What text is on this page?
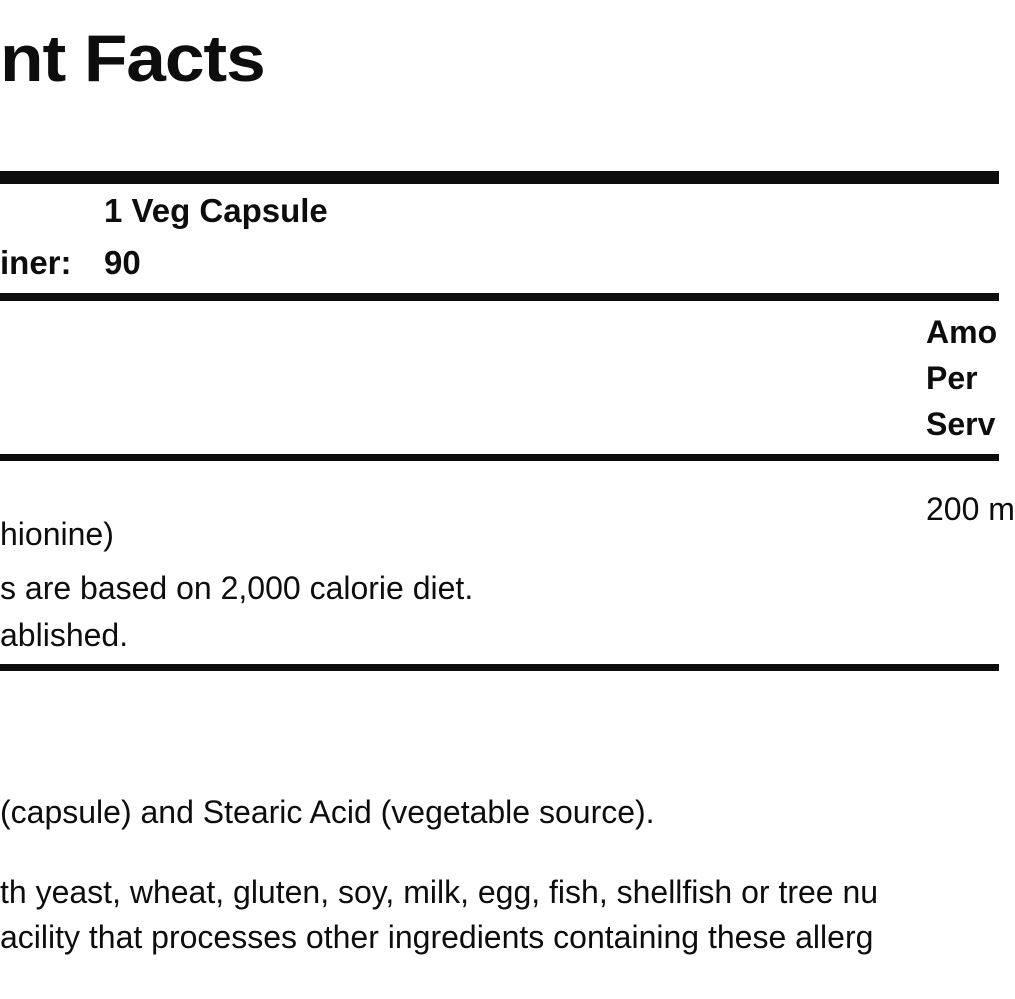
nt Facts
1 Veg Capsule
iner: 90
Amo
Per
Serv
200 m
hionine)
s are based on 2,000 calorie diet.
ablished.
(capsule) and Stearic Acid (vegetable source).
th yeast, wheat, gluten, soy, milk, egg, fish, shellfish or tree nu
acility that processes other ingredients containing these allerg
